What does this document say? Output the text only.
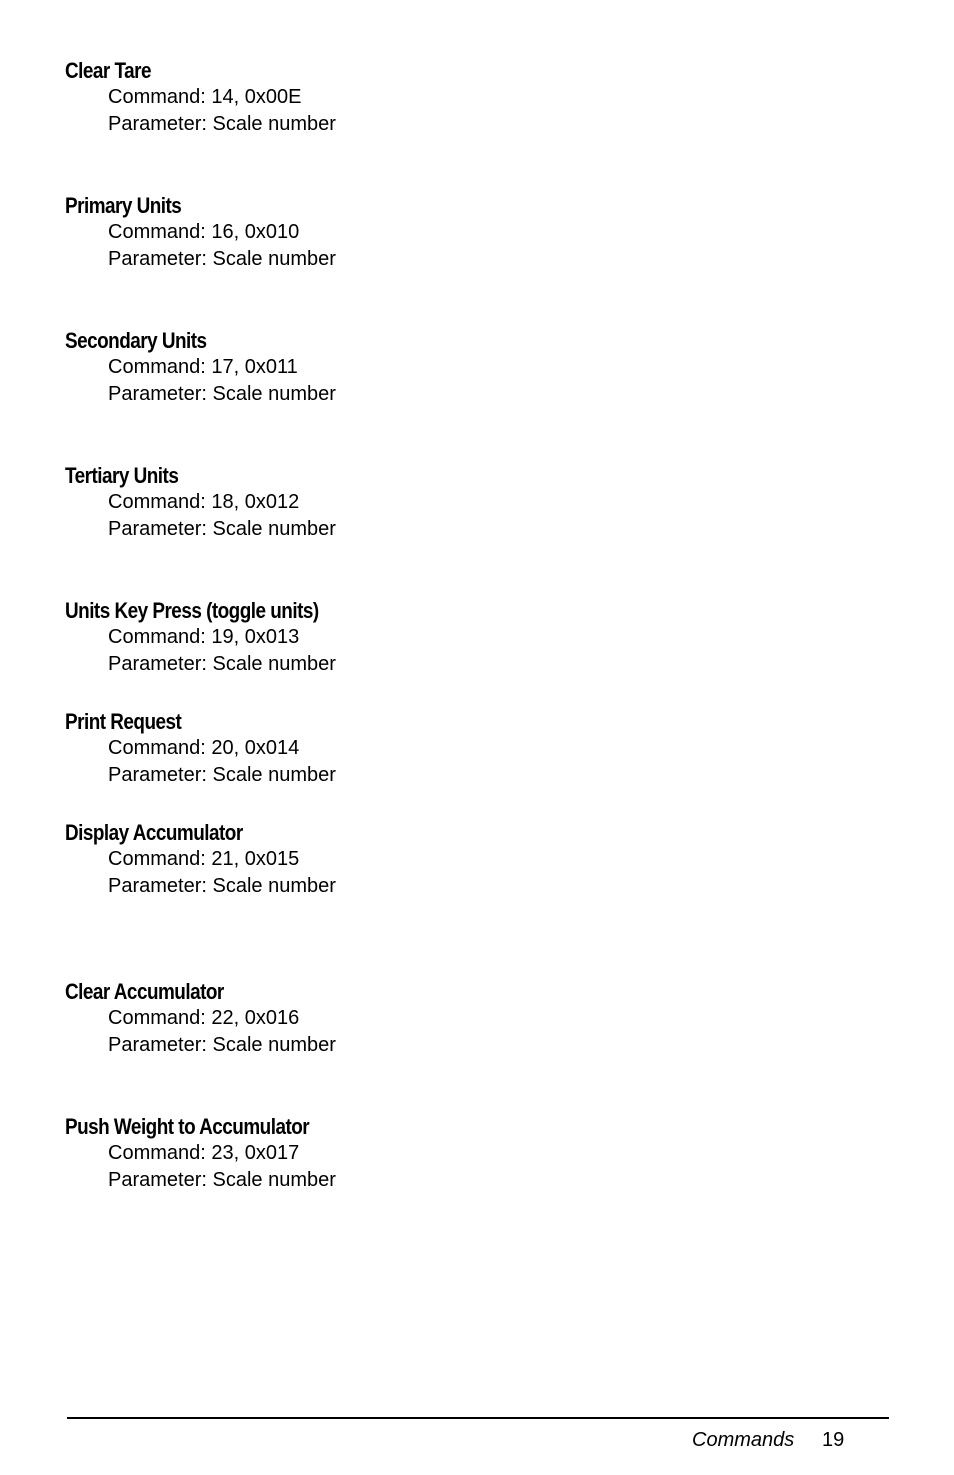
Clear Tare
Command: 14, 0x00E
Parameter: Scale number
Primary Units
Command: 16, 0x010
Parameter: Scale number
Secondary Units
Command: 17, 0x011
Parameter: Scale number
Tertiary Units
Command: 18, 0x012
Parameter: Scale number
Units Key Press (toggle units)
Command: 19, 0x013
Parameter: Scale number
Print Request
Command: 20, 0x014
Parameter: Scale number
Display Accumulator
Command: 21, 0x015
Parameter: Scale number
Clear Accumulator
Command: 22, 0x016
Parameter: Scale number
Push Weight to Accumulator
Command: 23, 0x017
Parameter: Scale number
Commands 19
